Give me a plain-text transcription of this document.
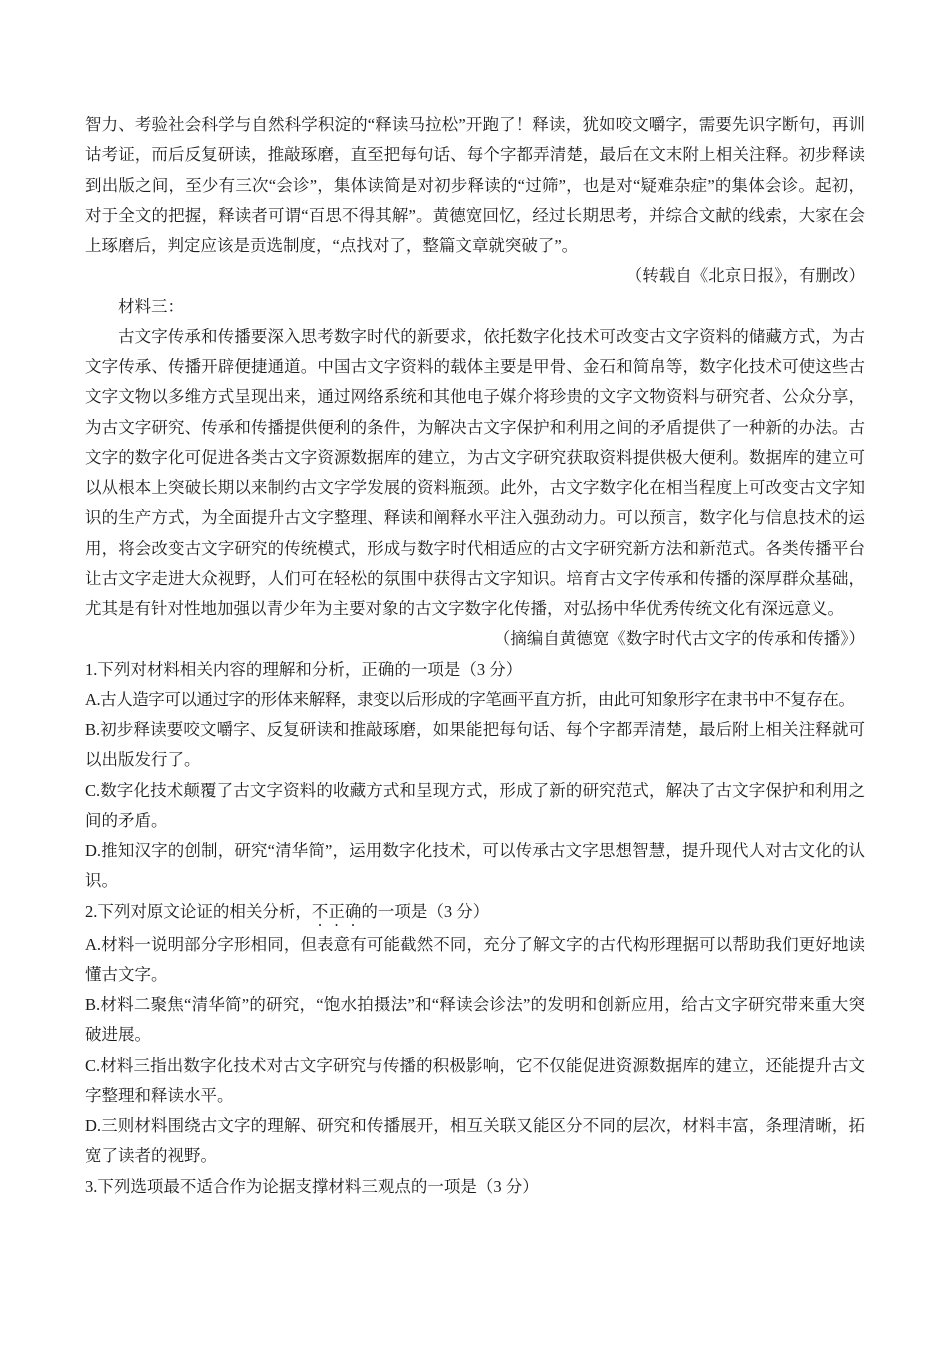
智力、考验社会科学与自然科学积淀的“释读马拉松”开跑了！释读，犹如咬文嚼字，需要先识字断句，再训诂考证，而后反复研读，推敲琢磨，直至把每句话、每个字都弄清楚，最后在文末附上相关注释。初步释读到出版之间，至少有三次“会诊”，集体读简是对初步释读的“过筛”，也是对“疑难杂症”的集体会诊。起初，对于全文的把握，释读者可谓“百思不得其解”。黄德宽回忆，经过长期思考，并综合文献的线索，大家在会上琢磨后，判定应该是贡选制度，“点找对了，整篇文章就突破了”。

（转载自《北京日报》，有删改）

材料三：

古文字传承和传播要深入思考数字时代的新要求，依托数字化技术可改变古文字资料的储藏方式，为古文字传承、传播开辟便捷通道。中国古文字资料的载体主要是甲骨、金石和简帛等，数字化技术可使这些古文字文物以多维方式呈现出来，通过网络系统和其他电子媒介将珍贵的文字文物资料与研究者、公众分享，为古文字研究、传承和传播提供便利的条件，为解决古文字保护和利用之间的矛盾提供了一种新的办法。古文字的数字化可促进各类古文字资源数据库的建立，为古文字研究获取资料提供极大便利。数据库的建立可以从根本上突破长期以来制约古文字学发展的资料瓶颈。此外，古文字数字化在相当程度上可改变古文字知识的生产方式，为全面提升古文字整理、释读和阐释水平注入强劲动力。可以预言，数字化与信息技术的运用，将会改变古文字研究的传统模式，形成与数字时代相适应的古文字研究新方法和新范式。各类传播平台让古文字走进大众视野，人们可在轻松的氛围中获得古文字知识。培育古文字传承和传播的深厚群众基础，尤其是有针对性地加强以青少年为主要对象的古文字数字化传播，对弘扬中华优秀传统文化有深远意义。

（摘编自黄德宽《数字时代古文字的传承和传播》）

1.下列对材料相关内容的理解和分析，正确的一项是（3 分）

A.古人造字可以通过字的形体来解释，隶变以后形成的字笔画平直方折，由此可知象形字在隶书中不复存在。

B.初步释读要咬文嚼字、反复研读和推敲琢磨，如果能把每句话、每个字都弄清楚，最后附上相关注释就可以出版发行了。

C.数字化技术颠覆了古文字资料的收藏方式和呈现方式，形成了新的研究范式，解决了古文字保护和利用之间的矛盾。

D.推知汉字的创制，研究“清华简”，运用数字化技术，可以传承古文字思想智慧，提升现代人对古文化的认识。

2.下列对原文论证的相关分析，不正确的一项是（3 分）

A.材料一说明部分字形相同，但表意有可能截然不同，充分了解文字的古代构形理据可以帮助我们更好地读懂古文字。

B.材料二聚焦“清华简”的研究，“饱水拍摄法”和“释读会诊法”的发明和创新应用，给古文字研究带来重大突破进展。

C.材料三指出数字化技术对古文字研究与传播的积极影响，它不仅能促进资源数据库的建立，还能提升古文字整理和释读水平。

D.三则材料围绕古文字的理解、研究和传播展开，相互关联又能区分不同的层次，材料丰富，条理清晰，拓宽了读者的视野。

3.下列选项最不适合作为论据支撑材料三观点的一项是（3 分）
